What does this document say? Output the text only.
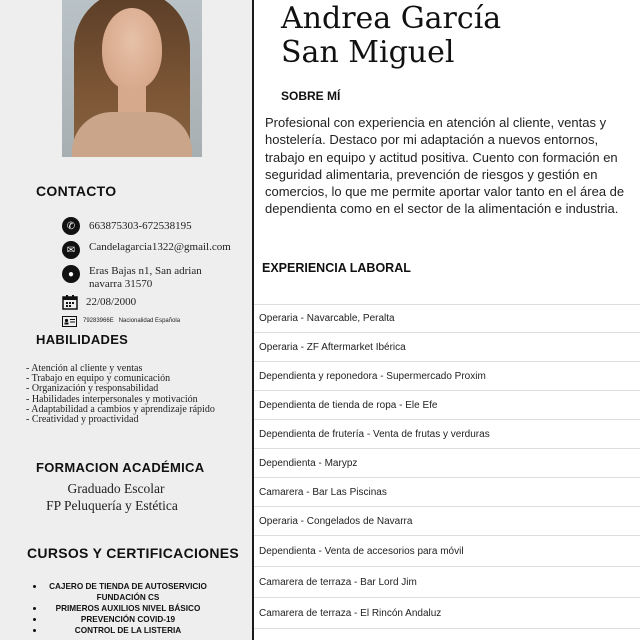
CONTACTO
✆	663875303-672538195
✉	Candelagarcia1322@gmail.com
●	Eras Bajas n1, San adrian
navarra 31570
22/08/2000
79283966E Nacionalidad Española
HABILIDADES
- Atención al cliente y ventas
- Trabajo en equipo y comunicación
- Organización y responsabilidad
- Habilidades interpersonales y motivación
- Adaptabilidad a cambios y aprendizaje rápido
- Creatividad y proactividad
FORMACION ACADÉMICA
Graduado Escolar
FP Peluquería y Estética
CURSOS Y CERTIFICACIONES
CAJERO DE TIENDA DE AUTOSERVICIO
FUNDACIÓN CS
PRIMEROS AUXILIOS NIVEL BÁSICO
PREVENCIÓN COVID-19
CONTROL DE LA LISTERIA
Andrea García
San Miguel
SOBRE MÍ
Profesional con experiencia en atención al cliente, ventas y hostelería. Destaco por mi adaptación a nuevos entornos, trabajo en equipo y actitud positiva. Cuento con formación en seguridad alimentaria, prevención de riesgos y gestión en comercios, lo que me permite aportar valor tanto en el área de dependienta como en el sector de la alimentación e industria.
EXPERIENCIA LABORAL
Operaria - Navarcable, Peralta
Operaria - ZF Aftermarket Ibérica
Dependienta y reponedora - Supermercado Proxim
Dependienta de tienda de ropa - Ele Efe
Dependienta de frutería - Venta de frutas y verduras
Dependienta - Marypz
Camarera - Bar Las Piscinas
Operaria - Congelados de Navarra
Dependienta - Venta de accesorios para móvil
Camarera de terraza - Bar Lord Jim
Camarera de terraza - El Rincón Andaluz
